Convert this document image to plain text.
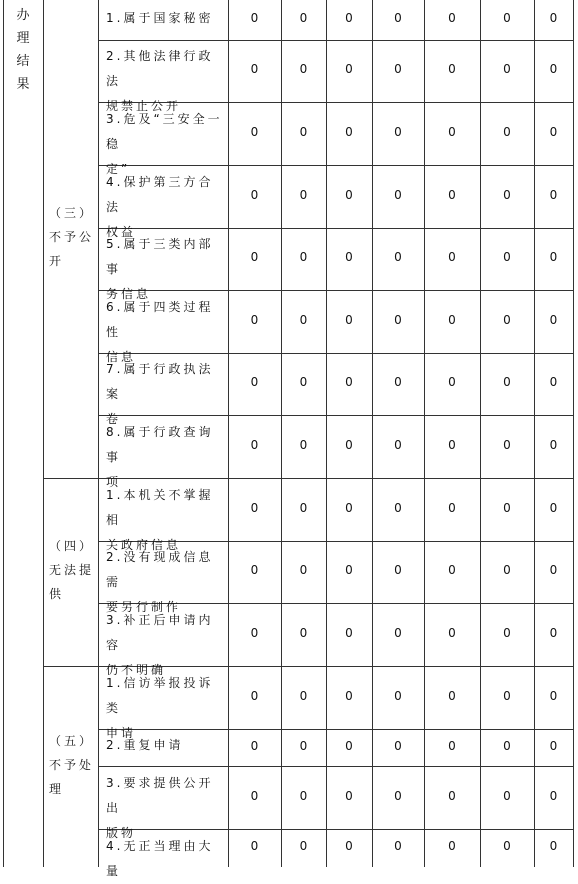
办理结果
（三）
不予公
开
1.属于国家秘密	0	0	0	0	0	0	0
2.其他法律行政法
规禁止公开
0	0	0	0	0	0	0
3.危及“三安全一稳
定”
0	0	0	0	0	0	0
4.保护第三方合法
权益
0	0	0	0	0	0	0
5.属于三类内部事
务信息
0	0	0	0	0	0	0
6.属于四类过程性
信息
0	0	0	0	0	0	0
7.属于行政执法案
卷
0	0	0	0	0	0	0
8.属于行政查询事
项
0	0	0	0	0	0	0
（四）
无法提
供
1.本机关不掌握相
关政府信息
0	0	0	0	0	0	0
2.没有现成信息需
要另行制作
0	0	0	0	0	0	0
3.补正后申请内容
仍不明确
0	0	0	0	0	0	0
（五）
不予处
理
1.信访举报投诉类
申请
0	0	0	0	0	0	0
2.重复申请	0	0	0	0	0	0	0
3.要求提供公开出
版物
0	0	0	0	0	0	0
4.无正当理由大量
0	0	0	0	0	0	0
